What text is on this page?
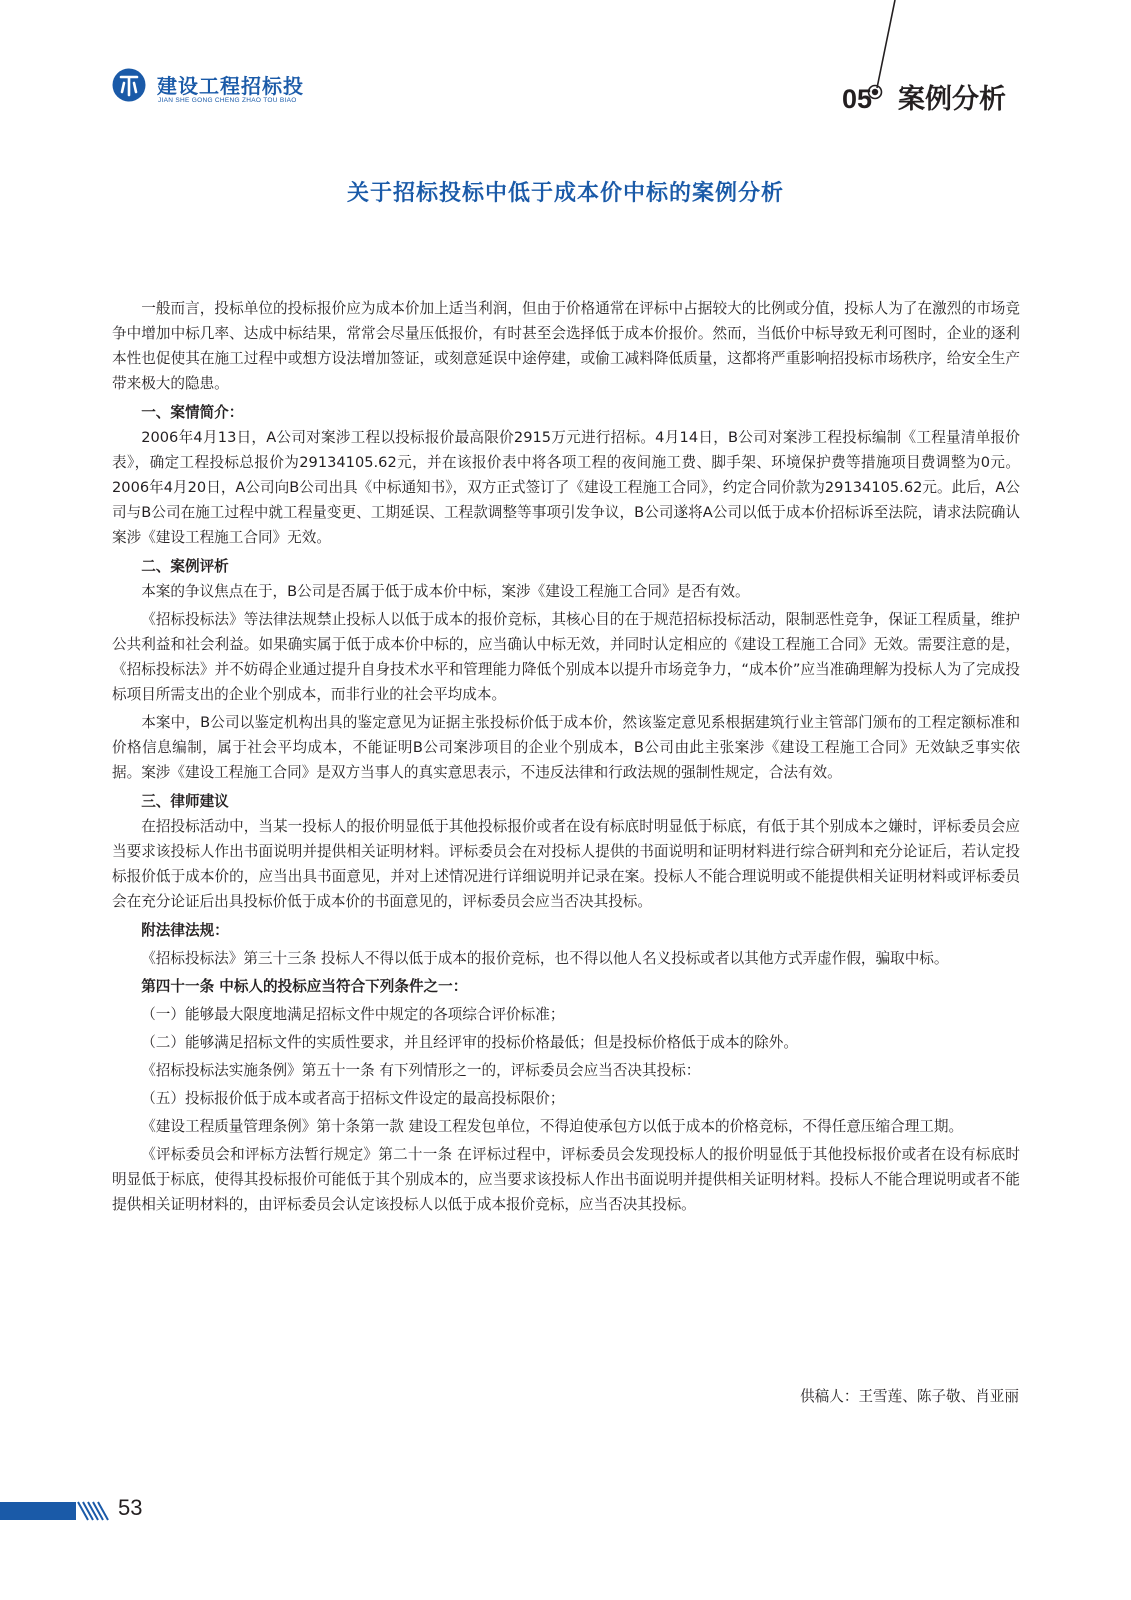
建设工程招标投
JIAN SHE GONG CHENG ZHAO TOU BIAO	05 案例分析
关于招标投标中低于成本价中标的案例分析

一般而言，投标单位的投标报价应为成本价加上适当利润，但由于价格通常在评标中占据较大的比例或分值，投标人为了在激烈的市场竞争中增加中标几率、达成中标结果，常常会尽量压低报价，有时甚至会选择低于成本价报价。然而，当低价中标导致无利可图时，企业的逐利本性也促使其在施工过程中或想方设法增加签证，或刻意延误中途停建，或偷工减料降低质量，这都将严重影响招投标市场秩序，给安全生产带来极大的隐患。

一、案情简介：

2006年4月13日，A公司对案涉工程以投标报价最高限价2915万元进行招标。4月14日，B公司对案涉工程投标编制《工程量清单报价表》，确定工程投标总报价为29134105.62元，并在该报价表中将各项工程的夜间施工费、脚手架、环境保护费等措施项目费调整为0元。2006年4月20日，A公司向B公司出具《中标通知书》，双方正式签订了《建设工程施工合同》，约定合同价款为29134105.62元。此后，A公司与B公司在施工过程中就工程量变更、工期延误、工程款调整等事项引发争议，B公司遂将A公司以低于成本价招标诉至法院，请求法院确认案涉《建设工程施工合同》无效。

二、案例评析

本案的争议焦点在于，B公司是否属于低于成本价中标，案涉《建设工程施工合同》是否有效。

《招标投标法》等法律法规禁止投标人以低于成本的报价竞标，其核心目的在于规范招标投标活动，限制恶性竞争，保证工程质量，维护公共利益和社会利益。如果确实属于低于成本价中标的，应当确认中标无效，并同时认定相应的《建设工程施工合同》无效。需要注意的是，《招标投标法》并不妨碍企业通过提升自身技术水平和管理能力降低个别成本以提升市场竞争力，“成本价”应当准确理解为投标人为了完成投标项目所需支出的企业个别成本，而非行业的社会平均成本。

本案中，B公司以鉴定机构出具的鉴定意见为证据主张投标价低于成本价，然该鉴定意见系根据建筑行业主管部门颁布的工程定额标准和价格信息编制，属于社会平均成本，不能证明B公司案涉项目的企业个别成本，B公司由此主张案涉《建设工程施工合同》无效缺乏事实依据。案涉《建设工程施工合同》是双方当事人的真实意思表示，不违反法律和行政法规的强制性规定，合法有效。

三、律师建议

在招投标活动中，当某一投标人的报价明显低于其他投标报价或者在设有标底时明显低于标底，有低于其个别成本之嫌时，评标委员会应当要求该投标人作出书面说明并提供相关证明材料。评标委员会在对投标人提供的书面说明和证明材料进行综合研判和充分论证后，若认定投标报价低于成本价的，应当出具书面意见，并对上述情况进行详细说明并记录在案。投标人不能合理说明或不能提供相关证明材料或评标委员会在充分论证后出具投标价低于成本价的书面意见的，评标委员会应当否决其投标。

附法律法规：

《招标投标法》第三十三条 投标人不得以低于成本的报价竞标，也不得以他人名义投标或者以其他方式弄虚作假，骗取中标。

第四十一条 中标人的投标应当符合下列条件之一：

（一）能够最大限度地满足招标文件中规定的各项综合评价标准；

（二）能够满足招标文件的实质性要求，并且经评审的投标价格最低；但是投标价格低于成本的除外。

《招标投标法实施条例》第五十一条 有下列情形之一的，评标委员会应当否决其投标：

（五）投标报价低于成本或者高于招标文件设定的最高投标限价；

《建设工程质量管理条例》第十条第一款 建设工程发包单位，不得迫使承包方以低于成本的价格竞标，不得任意压缩合理工期。

《评标委员会和评标方法暂行规定》第二十一条 在评标过程中，评标委员会发现投标人的报价明显低于其他投标报价或者在设有标底时明显低于标底，使得其投标报价可能低于其个别成本的，应当要求该投标人作出书面说明并提供相关证明材料。投标人不能合理说明或者不能提供相关证明材料的，由评标委员会认定该投标人以低于成本报价竞标，应当否决其投标。

供稿人：王雪莲、陈子敬、肖亚丽
53
